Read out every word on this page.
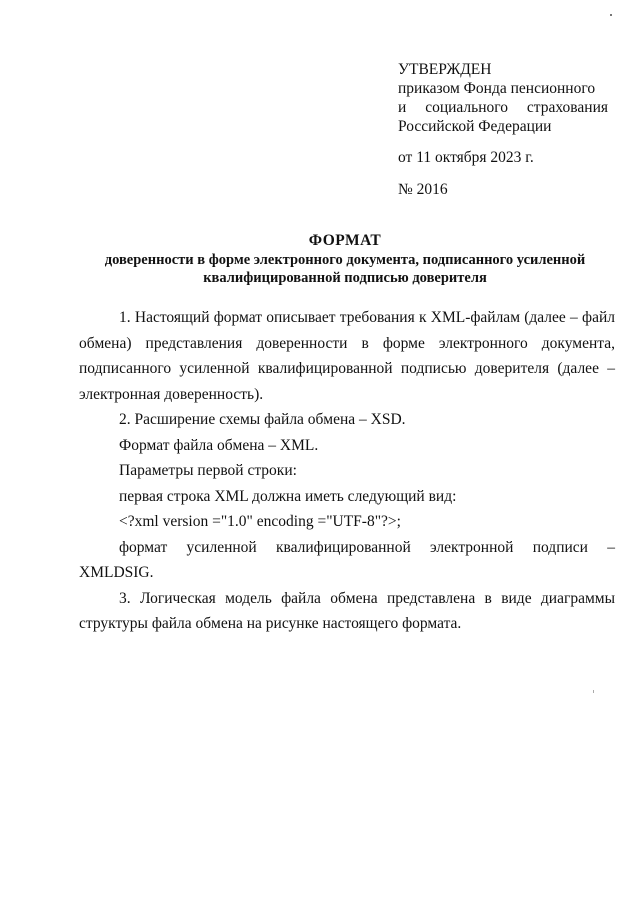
УТВЕРЖДЕН
приказом Фонда пенсионного
и социального страхования
Российской Федерации
от 11 октября 2023 г.
№ 2016
ФОРМАТ
доверенности в форме электронного документа, подписанного усиленной
квалифицированной подписью доверителя

1. Настоящий формат описывает требования к XML-файлам (далее – файл обмена) представления доверенности в форме электронного документа, подписанного усиленной квалифицированной подписью доверителя (далее – электронная доверенность).

2. Расширение схемы файла обмена – XSD.

Формат файла обмена – XML.

Параметры первой строки:

первая строка XML должна иметь следующий вид:

<?xml version ="1.0" encoding ="UTF-8"?>;

формат усиленной квалифицированной электронной подписи – XMLDSIG.

3. Логическая модель файла обмена представлена в виде диаграммы структуры файла обмена на рисунке настоящего формата.
